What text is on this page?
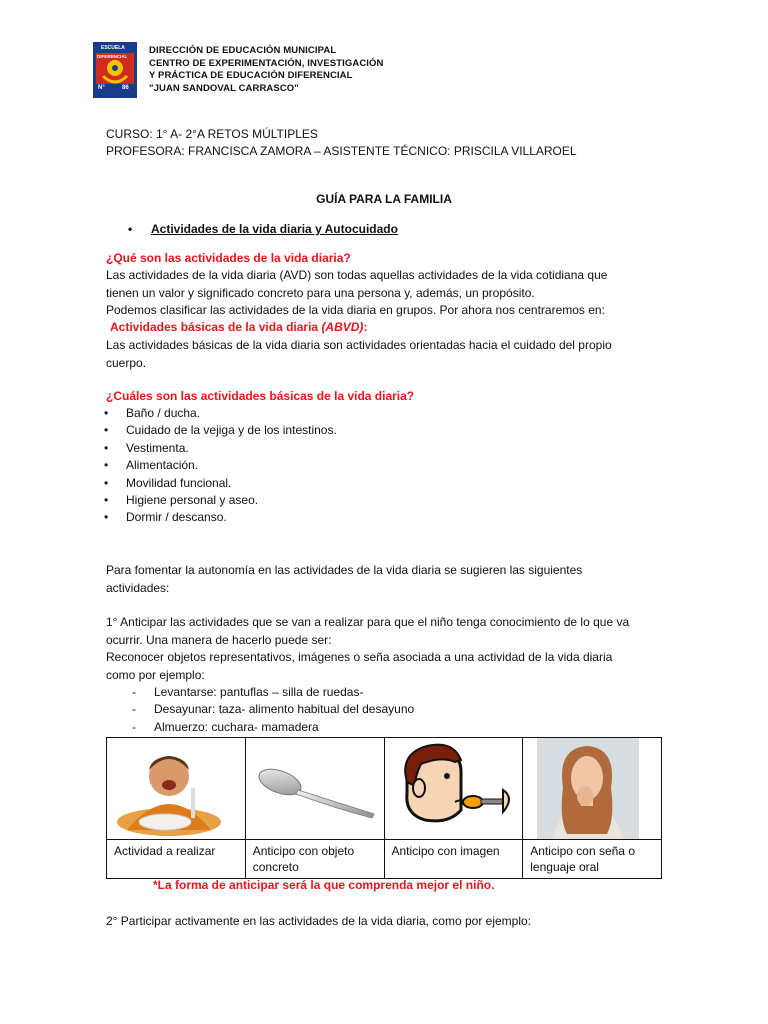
ESCUELA
DIFERENCIAL
N°	86
DIRECCIÓN DE EDUCACIÓN MUNICIPAL
CENTRO DE EXPERIMENTACIÓN, INVESTIGACIÓN
Y PRÁCTICA DE EDUCACIÓN DIFERENCIAL
"JUAN SANDOVAL CARRASCO"
CURSO: 1° A- 2°A RETOS MÚLTIPLES
PROFESORA: FRANCISCA ZAMORA – ASISTENTE TÉCNICO: PRISCILA VILLAROEL
GUÍA PARA LA FAMILIA
• Actividades de la vida diaria y Autocuidado
¿Qué son las actividades de la vida diaria?
Las actividades de la vida diaria (AVD) son todas aquellas actividades de la vida cotidiana que
tienen un valor y significado concreto para una persona y, además, un propósito.
Podemos clasificar las actividades de la vida diaria en grupos. Por ahora nos centraremos en:
Actividades básicas de la vida diaria (ABVD):
Las actividades básicas de la vida diaria son actividades orientadas hacia el cuidado del propio
cuerpo.
¿Cuáles son las actividades básicas de la vida diaria?
• Baño / ducha.
• Cuidado de la vejiga y de los intestinos.
• Vestimenta.
• Alimentación.
• Movilidad funcional.
• Higiene personal y aseo.
• Dormir / descanso.
Para fomentar la autonomía en las actividades de la vida diaria se sugieren las siguientes
actividades:
1° Anticipar las actividades que se van a realizar para que el niño tenga conocimiento de lo que va
ocurrir. Una manera de hacerlo puede ser:
Reconocer objetos representativos, imágenes o seña asociada a una actividad de la vida diaria
como por ejemplo:
- Levantarse: pantuflas – silla de ruedas-
- Desayunar: taza- alimento habitual del desayuno
- Almuerzo: cuchara- mamadera

Actividad a realizar	Anticipo con objeto concreto	Anticipo con imagen	Anticipo con seña o lenguaje oral
*La forma de anticipar será la que comprenda mejor el niño.
2° Participar activamente en las actividades de la vida diaria, como por ejemplo:
